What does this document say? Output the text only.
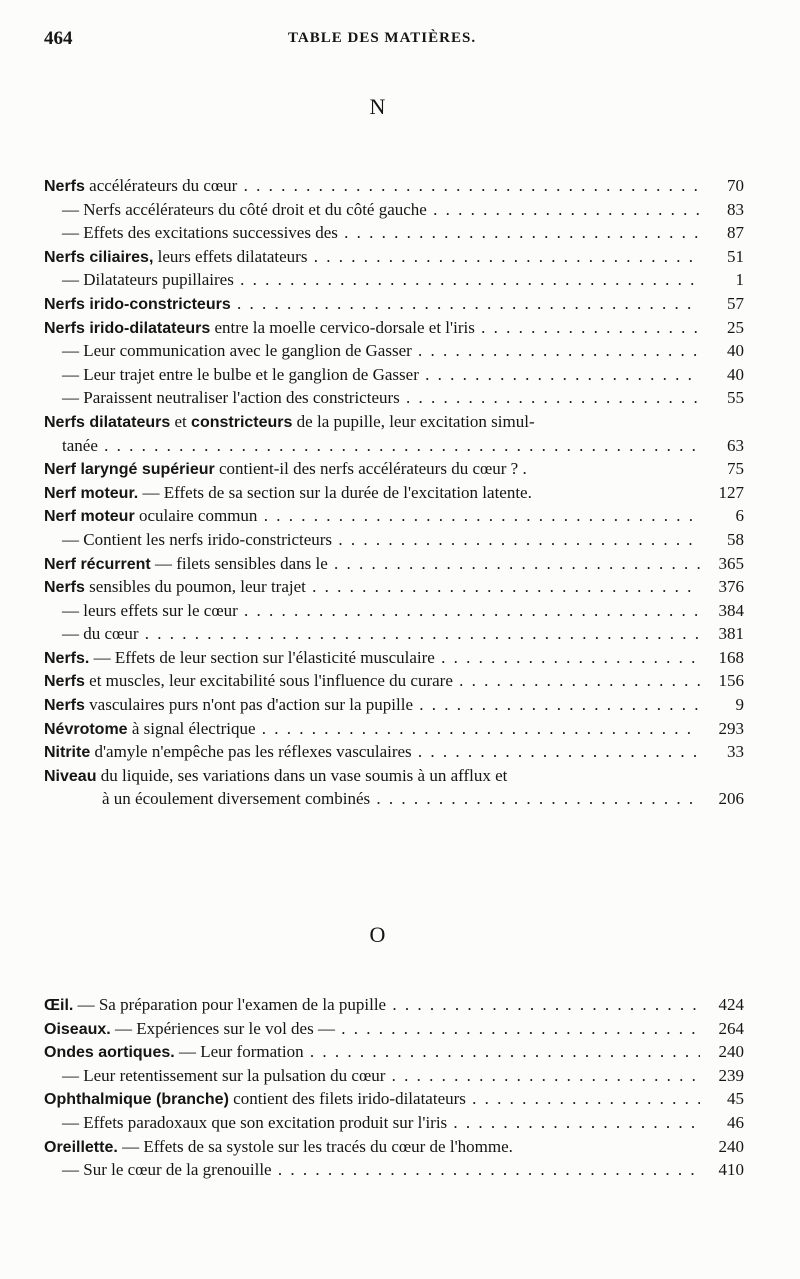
464	TABLE DES MATIÈRES.
N
Nerfs accélérateurs du cœur . . .	70
— Nerfs accélérateurs du côté droit et du côté gauche . . .	83
— Effets des excitations successives des . . .	87
Nerfs ciliaires, leurs effets dilatateurs . . .	51
— Dilatateurs pupillaires . . .	1
Nerfs irido-constricteurs . . .	57
Nerfs irido-dilatateurs entre la moelle cervico-dorsale et l'iris . . .	25
— Leur communication avec le ganglion de Gasser . . .	40
— Leur trajet entre le bulbe et le ganglion de Gasser . . .	40
— Paraissent neutraliser l'action des constricteurs . . .	55
Nerfs dilatateurs et constricteurs de la pupille, leur excitation simul-
tanée . . .	63
Nerf laryngé supérieur contient-il des nerfs accélérateurs du cœur ? .	75
Nerf moteur. — Effets de sa section sur la durée de l'excitation latente.	127
Nerf moteur oculaire commun . . .	6
— Contient les nerfs irido-constricteurs . . .	58
Nerf récurrent — filets sensibles dans le . . .	365
Nerfs sensibles du poumon, leur trajet . . .	376
— leurs effets sur le cœur . . .	384
— du cœur . . .	381
Nerfs. — Effets de leur section sur l'élasticité musculaire . . .	168
Nerfs et muscles, leur excitabilité sous l'influence du curare . . .	156
Nerfs vasculaires purs n'ont pas d'action sur la pupille . . .	9
Névrotome à signal électrique . . .	293
Nitrite d'amyle n'empêche pas les réflexes vasculaires . . .	33
Niveau du liquide, ses variations dans un vase soumis à un afflux et
à un écoulement diversement combinés . . .	206
O
Œil. — Sa préparation pour l'examen de la pupille . . .	424
Oiseaux. — Expériences sur le vol des — . . .	264
Ondes aortiques. — Leur formation . . .	240
— Leur retentissement sur la pulsation du cœur . . .	239
Ophthalmique (branche) contient des filets irido-dilatateurs . . .	45
— Effets paradoxaux que son excitation produit sur l'iris . . .	46
Oreillette. — Effets de sa systole sur les tracés du cœur de l'homme.	240
— Sur le cœur de la grenouille . . .	410
